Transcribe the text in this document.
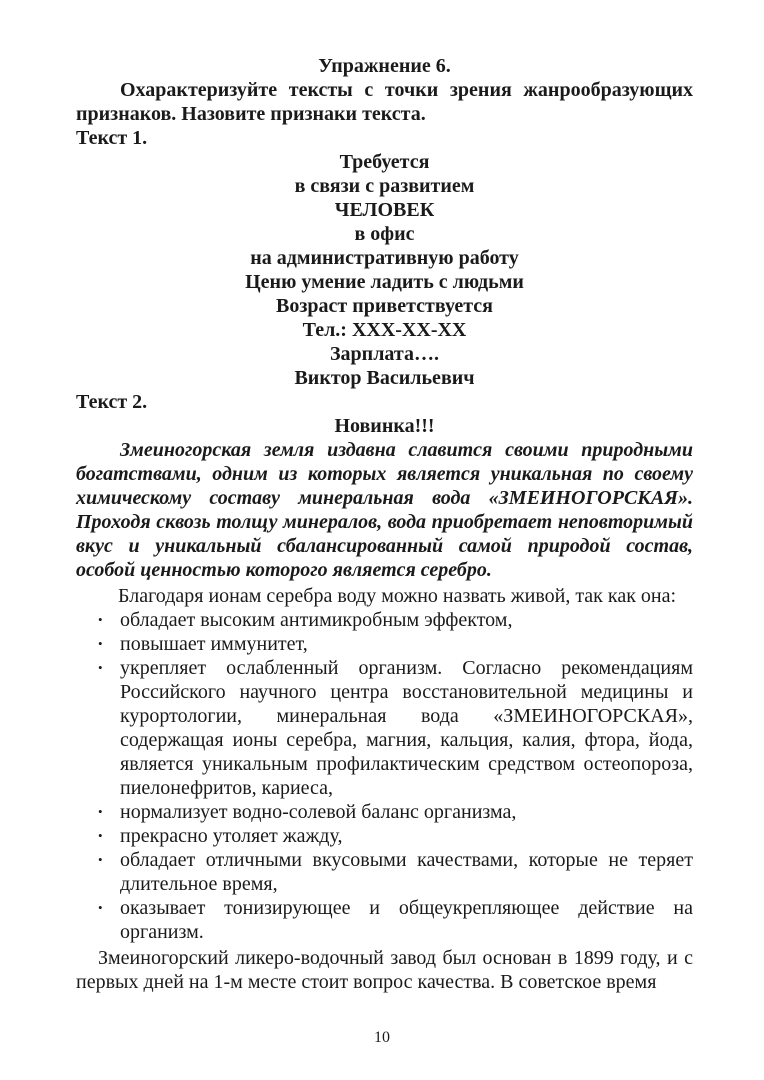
Упражнение 6.

Охарактеризуйте тексты с точки зрения жанрообразующих признаков. Назовите признаки текста.

Текст 1.

Требуется
в связи с развитием
ЧЕЛОВЕК
в офис
на административную работу
Ценю умение ладить с людьми
Возраст приветствуется
Тел.: XXX-XX-XX
Зарплата….
Виктор Васильевич

Текст 2.

Новинка!!!

Змеиногорская земля издавна славится своими природными богатствами, одним из которых является уникальная по своему химическому составу минеральная вода «ЗМЕИНОГОРСКАЯ». Проходя сквозь толщу минералов, вода приобретает неповторимый вкус и уникальный сбалансированный самой природой состав, особой ценностью которого является серебро.

Благодаря ионам серебра воду можно назвать живой, так как она:

• обладает высоким антимикробным эффектом,
• повышает иммунитет,
• укрепляет ослабленный организм. Согласно рекомендациям Российского научного центра восстановительной медицины и курортологии, минеральная вода «ЗМЕИНОГОРСКАЯ», содержащая ионы серебра, магния, кальция, калия, фтора, йода, является уникальным профилактическим средством остеопороза, пиелонефритов, кариеса,
• нормализует водно-солевой баланс организма,
• прекрасно утоляет жажду,
• обладает отличными вкусовыми качествами, которые не теряет длительное время,
• оказывает тонизирующее и общеукрепляющее действие на организм.

Змеиногорский ликеро-водочный завод был основан в 1899 году, и с первых дней на 1-м месте стоит вопрос качества. В советское время

10
